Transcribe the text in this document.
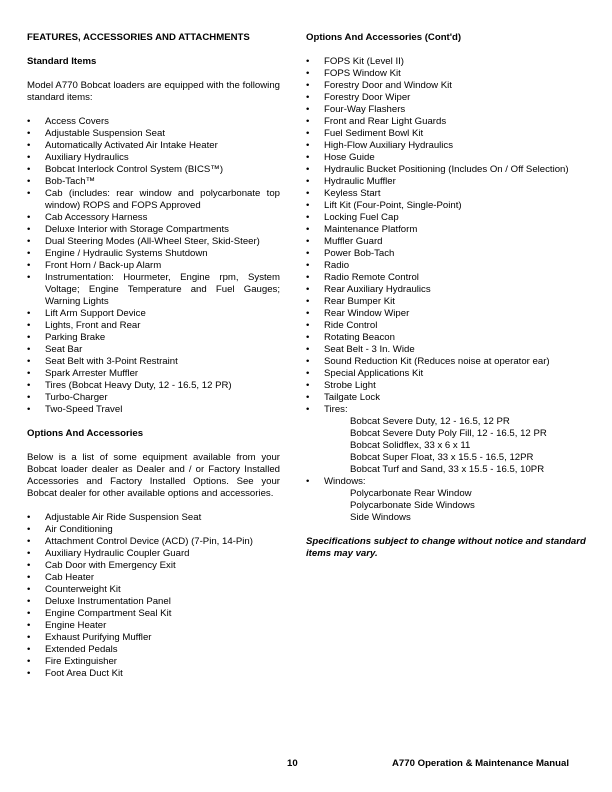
FEATURES, ACCESSORIES AND ATTACHMENTS

Standard Items

Model A770 Bobcat loaders are equipped with the following standard items:

• Access Covers
• Adjustable Suspension Seat
• Automatically Activated Air Intake Heater
• Auxiliary Hydraulics
• Bobcat Interlock Control System (BICS™)
• Bob-Tach™
• Cab (includes: rear window and polycarbonate top window) ROPS and FOPS Approved
• Cab Accessory Harness
• Deluxe Interior with Storage Compartments
• Dual Steering Modes (All-Wheel Steer, Skid-Steer)
• Engine / Hydraulic Systems Shutdown
• Front Horn / Back-up Alarm
• Instrumentation: Hourmeter, Engine rpm, System Voltage; Engine Temperature and Fuel Gauges; Warning Lights
• Lift Arm Support Device
• Lights, Front and Rear
• Parking Brake
• Seat Bar
• Seat Belt with 3-Point Restraint
• Spark Arrester Muffler
• Tires (Bobcat Heavy Duty, 12 - 16.5, 12 PR)
• Turbo-Charger
• Two-Speed Travel

Options And Accessories

Below is a list of some equipment available from your Bobcat loader dealer as Dealer and / or Factory Installed Accessories and Factory Installed Options. See your Bobcat dealer for other available options and accessories.

• Adjustable Air Ride Suspension Seat
• Air Conditioning
• Attachment Control Device (ACD) (7-Pin, 14-Pin)
• Auxiliary Hydraulic Coupler Guard
• Cab Door with Emergency Exit
• Cab Heater
• Counterweight Kit
• Deluxe Instrumentation Panel
• Engine Compartment Seal Kit
• Engine Heater
• Exhaust Purifying Muffler
• Extended Pedals
• Fire Extinguisher
• Foot Area Duct Kit

Options And Accessories (Cont'd)

• FOPS Kit (Level II)
• FOPS Window Kit
• Forestry Door and Window Kit
• Forestry Door Wiper
• Four-Way Flashers
• Front and Rear Light Guards
• Fuel Sediment Bowl Kit
• High-Flow Auxiliary Hydraulics
• Hose Guide
• Hydraulic Bucket Positioning (Includes On / Off Selection)
• Hydraulic Muffler
• Keyless Start
• Lift Kit (Four-Point, Single-Point)
• Locking Fuel Cap
• Maintenance Platform
• Muffler Guard
• Power Bob-Tach
• Radio
• Radio Remote Control
• Rear Auxiliary Hydraulics
• Rear Bumper Kit
• Rear Window Wiper
• Ride Control
• Rotating Beacon
• Seat Belt - 3 In. Wide
• Sound Reduction Kit (Reduces noise at operator ear)
• Special Applications Kit
• Strobe Light
• Tailgate Lock
• Tires:
Bobcat Severe Duty, 12 - 16.5, 12 PR
Bobcat Severe Duty Poly Fill, 12 - 16.5, 12 PR
Bobcat Solidflex, 33 x 6 x 11
Bobcat Super Float, 33 x 15.5 - 16.5, 12PR
Bobcat Turf and Sand, 33 x 15.5 - 16.5, 10PR
• Windows:
Polycarbonate Rear Window
Polycarbonate Side Windows
Side Windows

Specifications subject to change without notice and standard items may vary.

10	A770 Operation & Maintenance Manual
